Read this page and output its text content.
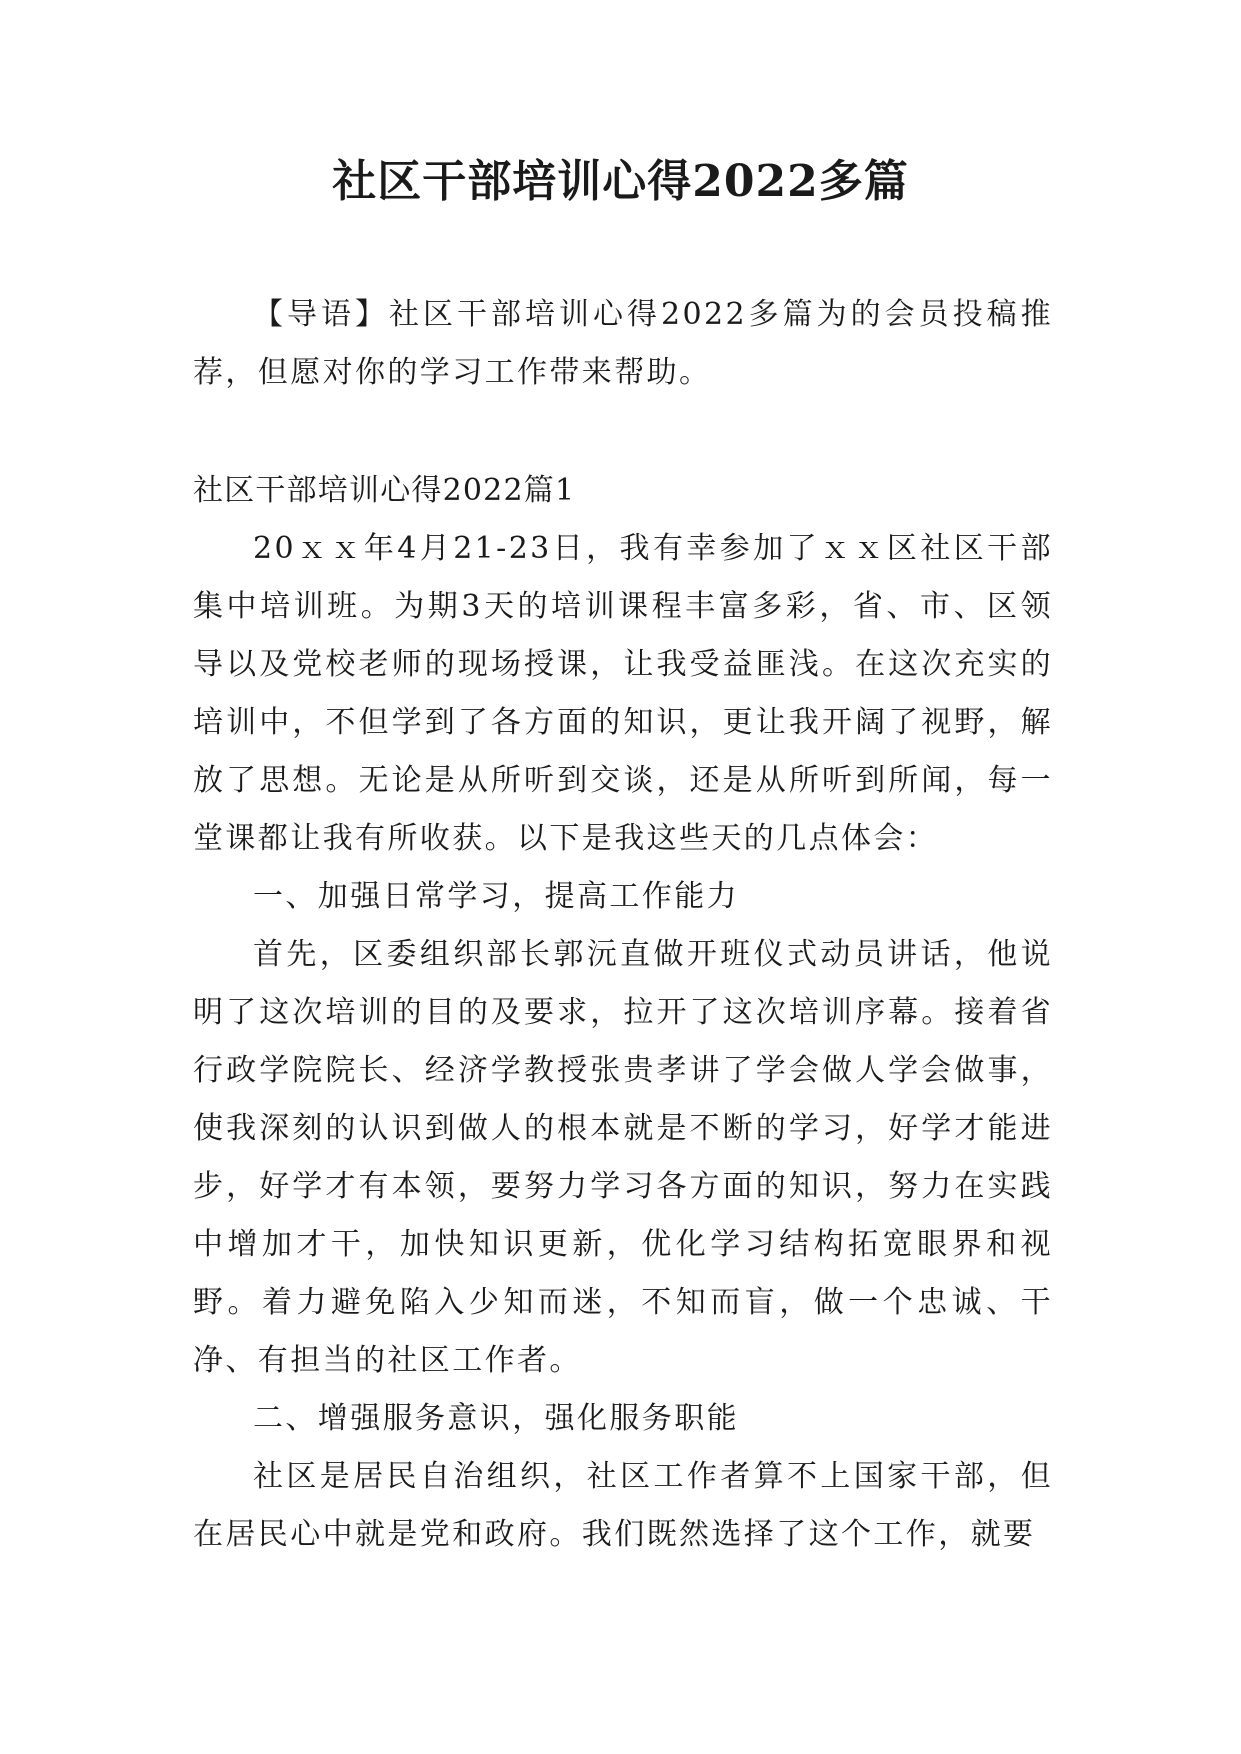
社区干部培训心得2022多篇

【导语】社区干部培训心得2022多篇为的会员投稿推荐，但愿对你的学习工作带来帮助。

社区干部培训心得2022篇1

20ｘｘ年4月21-23日，我有幸参加了ｘｘ区社区干部集中培训班。为期3天的培训课程丰富多彩，省、市、区领导以及党校老师的现场授课，让我受益匪浅。在这次充实的培训中，不但学到了各方面的知识，更让我开阔了视野，解放了思想。无论是从所听到交谈，还是从所听到所闻，每一堂课都让我有所收获。以下是我这些天的几点体会：

一、加强日常学习，提高工作能力

首先，区委组织部长郭沅直做开班仪式动员讲话，他说明了这次培训的目的及要求，拉开了这次培训序幕。接着省行政学院院长、经济学教授张贵孝讲了学会做人学会做事，使我深刻的认识到做人的根本就是不断的学习，好学才能进步，好学才有本领，要努力学习各方面的知识，努力在实践中增加才干，加快知识更新，优化学习结构拓宽眼界和视野。着力避免陷入少知而迷，不知而盲，做一个忠诚、干净、有担当的社区工作者。

二、增强服务意识，强化服务职能

社区是居民自治组织，社区工作者算不上国家干部，但在居民心中就是党和政府。我们既然选择了这个工作，就要
